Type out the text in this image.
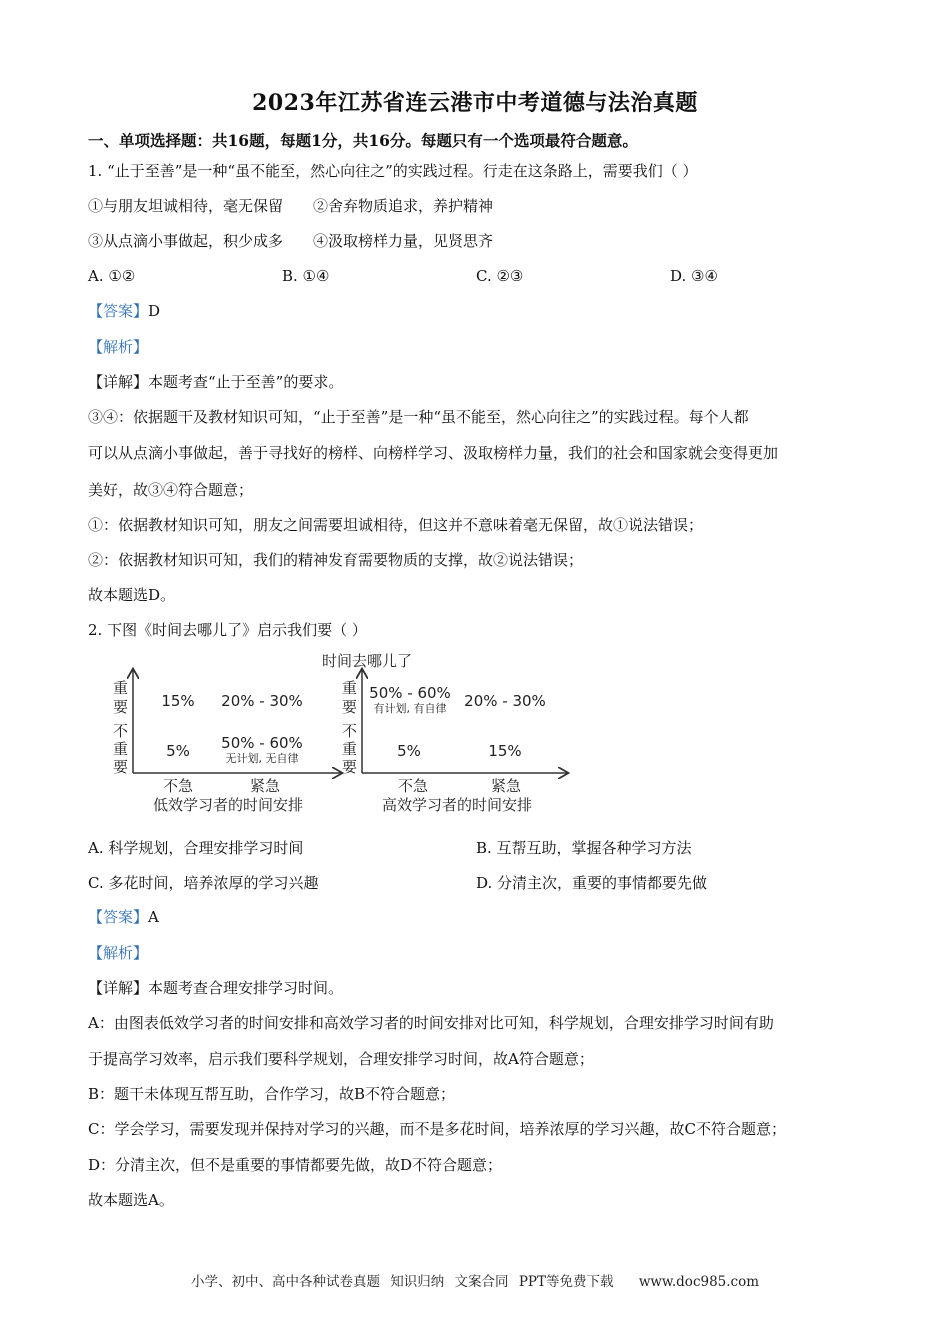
2023年江苏省连云港市中考道德与法治真题
一、单项选择题：共16题，每题1分，共16分。每题只有一个选项最符合题意。
1. “止于至善”是一种“虽不能至，然心向往之”的实践过程。行走在这条路上，需要我们（ ）
①与朋友坦诚相待，毫无保留　　②舍弃物质追求，养护精神
③从点滴小事做起，积少成多　　④汲取榜样力量，见贤思齐
A. ①②	B. ①④	C. ②③	D. ③④
【答案】D
【解析】
【详解】本题考查“止于至善”的要求。
③④：依据题干及教材知识可知，“止于至善”是一种“虽不能至，然心向往之”的实践过程。每个人都
可以从点滴小事做起，善于寻找好的榜样、向榜样学习、汲取榜样力量，我们的社会和国家就会变得更加
美好，故③④符合题意；
①：依据教材知识可知，朋友之间需要坦诚相待，但这并不意味着毫无保留，故①说法错误；
②：依据教材知识可知，我们的精神发育需要物质的支撑，故②说法错误；
故本题选D。
2. 下图《时间去哪儿了》启示我们要（ ）
时间去哪儿了
重要
不重要
15% 20% - 30%
5% 50% - 60%
无计划, 无自律
不急	紧急
低效学习者的时间安排
重要
不重要
50% - 60%
有计划, 有自律 20% - 30%
5%	15%
不急	紧急
高效学习者的时间安排
A. 科学规划，合理安排学习时间	B. 互帮互助，掌握各种学习方法
C. 多花时间，培养浓厚的学习兴趣	D. 分清主次，重要的事情都要先做
【答案】A
【解析】
【详解】本题考查合理安排学习时间。
A：由图表低效学习者的时间安排和高效学习者的时间安排对比可知，科学规划，合理安排学习时间有助
于提高学习效率，启示我们要科学规划，合理安排学习时间，故A符合题意；
B：题干未体现互帮互助，合作学习，故B不符合题意；
C：学会学习，需要发现并保持对学习的兴趣，而不是多花时间，培养浓厚的学习兴趣，故C不符合题意；
D：分清主次，但不是重要的事情都要先做，故D不符合题意；
故本题选A。
小学、初中、高中各种试卷真题 知识归纳 文案合同 PPT等免费下载 www.doc985.com
